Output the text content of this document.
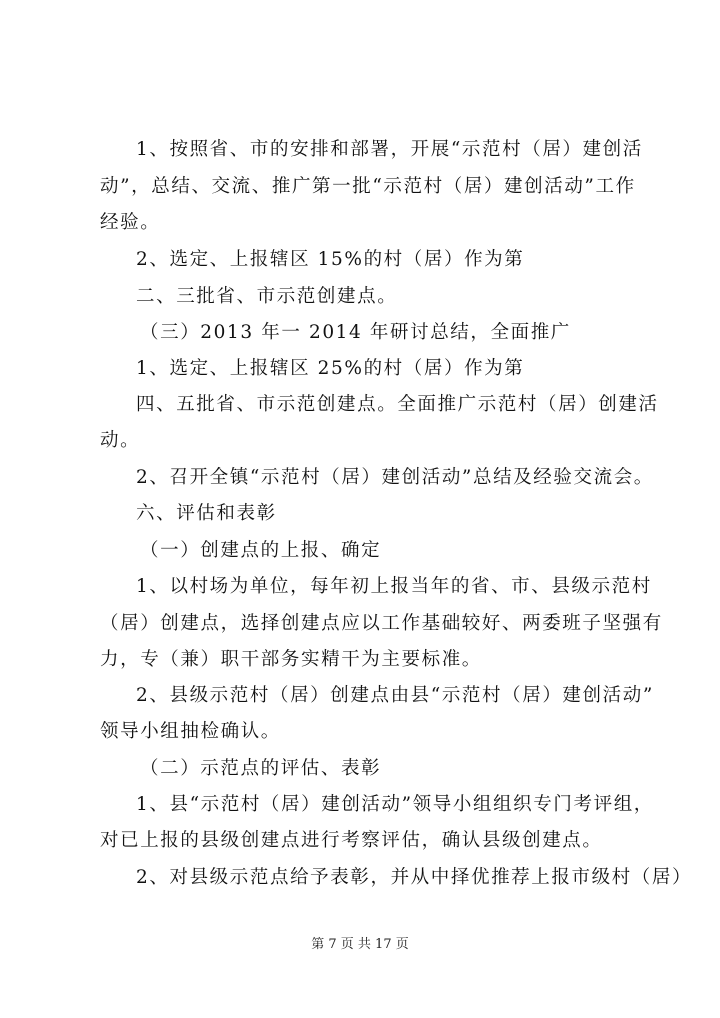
1、按照省、市的安排和部署，开展“示范村（居）建创活
动”，总结、交流、推广第一批“示范村（居）建创活动”工作
经验。
2、选定、上报辖区 15%的村（居）作为第
二、三批省、市示范创建点。
（三）2013 年一 2014 年研讨总结，全面推广
1、选定、上报辖区 25%的村（居）作为第
四、五批省、市示范创建点。全面推广示范村（居）创建活
动。
2、召开全镇“示范村（居）建创活动”总结及经验交流会。
六、评估和表彰
（一）创建点的上报、确定
1、以村场为单位，每年初上报当年的省、市、县级示范村
（居）创建点，选择创建点应以工作基础较好、两委班子坚强有
力，专（兼）职干部务实精干为主要标准。
2、县级示范村（居）创建点由县“示范村（居）建创活动”
领导小组抽检确认。
（二）示范点的评估、表彰
1、县“示范村（居）建创活动”领导小组组织专门考评组，
对已上报的县级创建点进行考察评估，确认县级创建点。
2、对县级示范点给予表彰，并从中择优推荐上报市级村（居）
第 7 页 共 17 页
